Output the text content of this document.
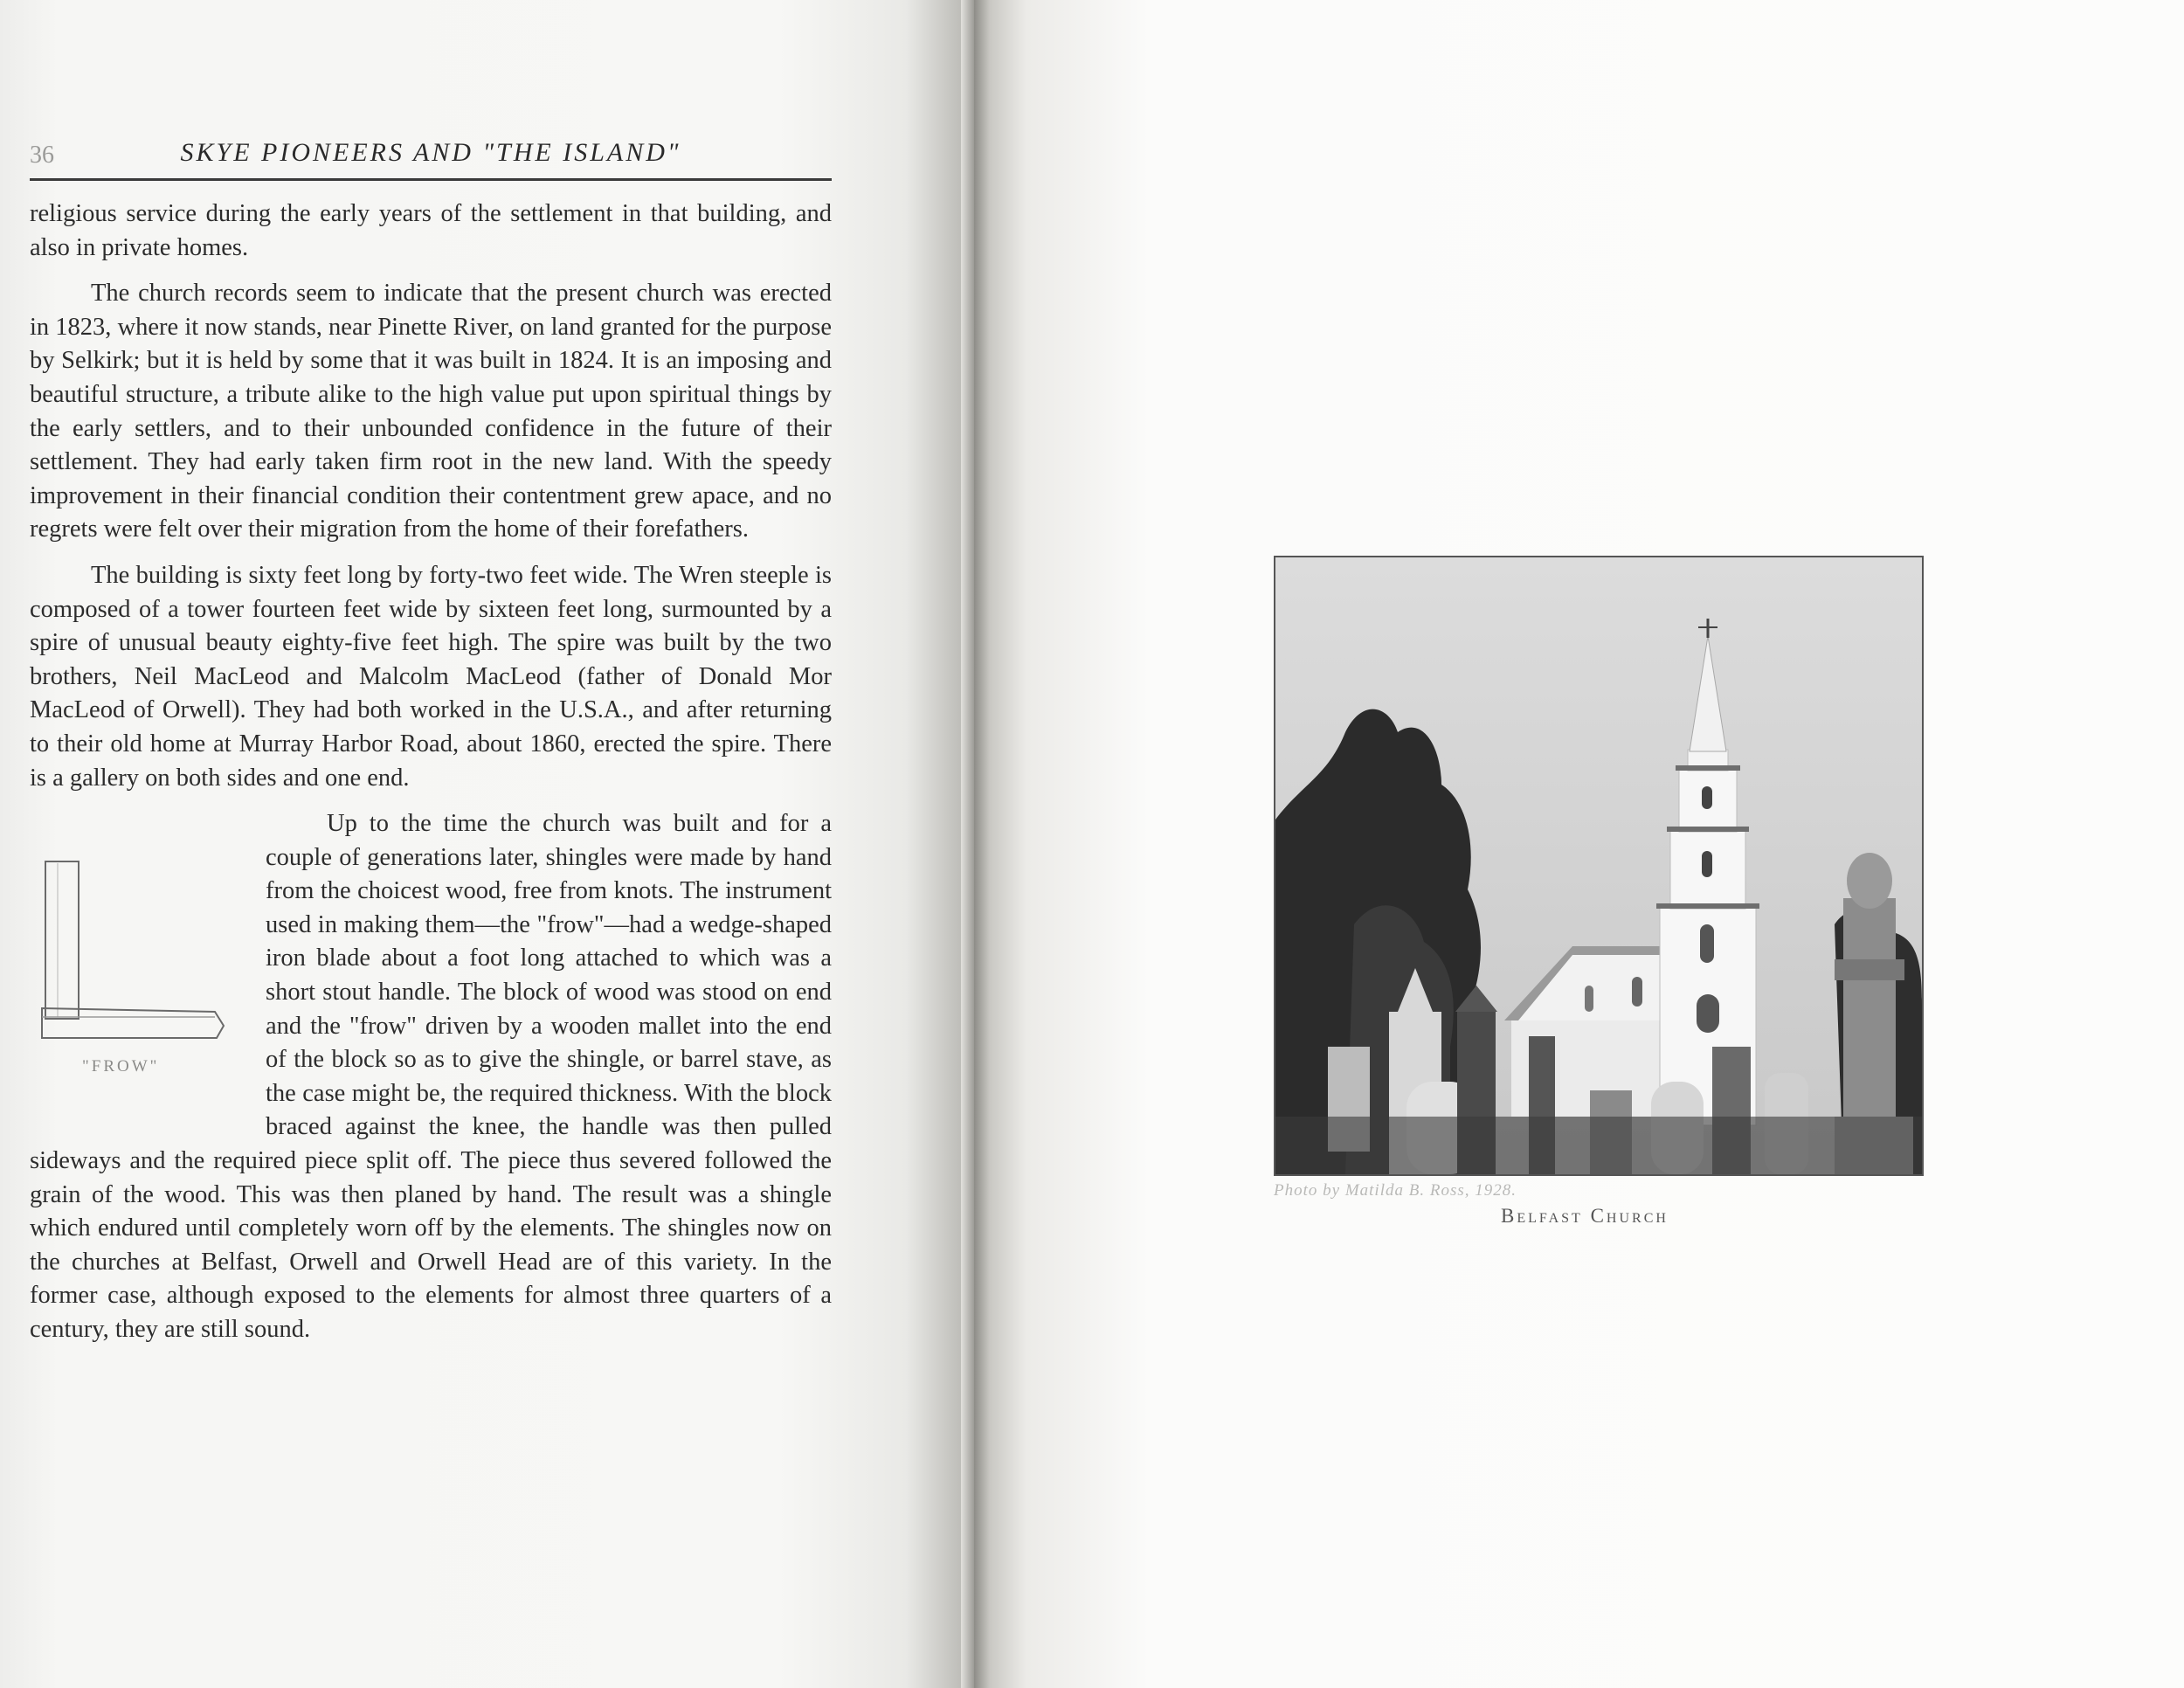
36	SKYE PIONEERS AND "THE ISLAND"

religious service during the early years of the settlement in that building, and also in private homes.

The church records seem to indicate that the present church was erected in 1823, where it now stands, near Pinette River, on land granted for the purpose by Selkirk; but it is held by some that it was built in 1824. It is an imposing and beautiful structure, a tribute alike to the high value put upon spiritual things by the early settlers, and to their unbounded confidence in the future of their settlement. They had early taken firm root in the new land. With the speedy improvement in their financial condition their contentment grew apace, and no regrets were felt over their migration from the home of their forefathers.

The building is sixty feet long by forty-two feet wide. The Wren steeple is composed of a tower fourteen feet wide by sixteen feet long, surmounted by a spire of unusual beauty eighty-five feet high. The spire was built by the two brothers, Neil MacLeod and Malcolm MacLeod (father of Donald Mor MacLeod of Orwell). They had both worked in the U.S.A., and after returning to their old home at Murray Harbor Road, about 1860, erected the spire. There is a gallery on both sides and one end.

"FROW"

Up to the time the church was built and for a couple of generations later, shingles were made by hand from the choicest wood, free from knots. The instrument used in making them—the "frow"—had a wedge-shaped iron blade about a foot long attached to which was a short stout handle. The block of wood was stood on end and the "frow" driven by a wooden mallet into the end of the block so as to give the shingle, or barrel stave, as the case might be, the required thickness. With the block braced against the knee, the handle was then pulled sideways and the required piece split off. The piece thus severed followed the grain of the wood. This was then planed by hand. The result was a shingle which endured until completely worn off by the elements. The shingles now on the churches at Belfast, Orwell and Orwell Head are of this variety. In the former case, although exposed to the elements for almost three quarters of a century, they are still sound.

Photo by Matilda B. Ross, 1928.
Belfast Church
